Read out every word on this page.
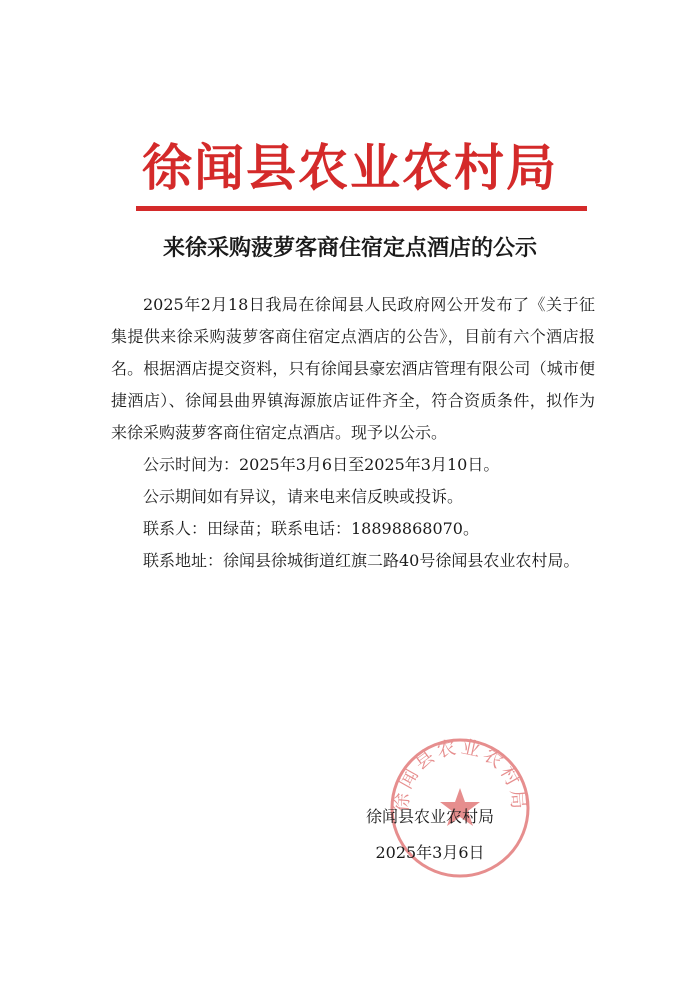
徐闻县农业农村局
来徐采购菠萝客商住宿定点酒店的公示

2025年2月18日我局在徐闻县人民政府网公开发布了《关于征集提供来徐采购菠萝客商住宿定点酒店的公告》，目前有六个酒店报名。根据酒店提交资料，只有徐闻县豪宏酒店管理有限公司（城市便捷酒店）、徐闻县曲界镇海源旅店证件齐全，符合资质条件，拟作为来徐采购菠萝客商住宿定点酒店。现予以公示。

公示时间为：2025年3月6日至2025年3月10日。

公示期间如有异议，请来电来信反映或投诉。

联系人：田绿苗；联系电话：18898868070。

联系地址：徐闻县徐城街道红旗二路40号徐闻县农业农村局。

徐闻县农业农村局
徐闻县农业农村局
2025年3月6日
